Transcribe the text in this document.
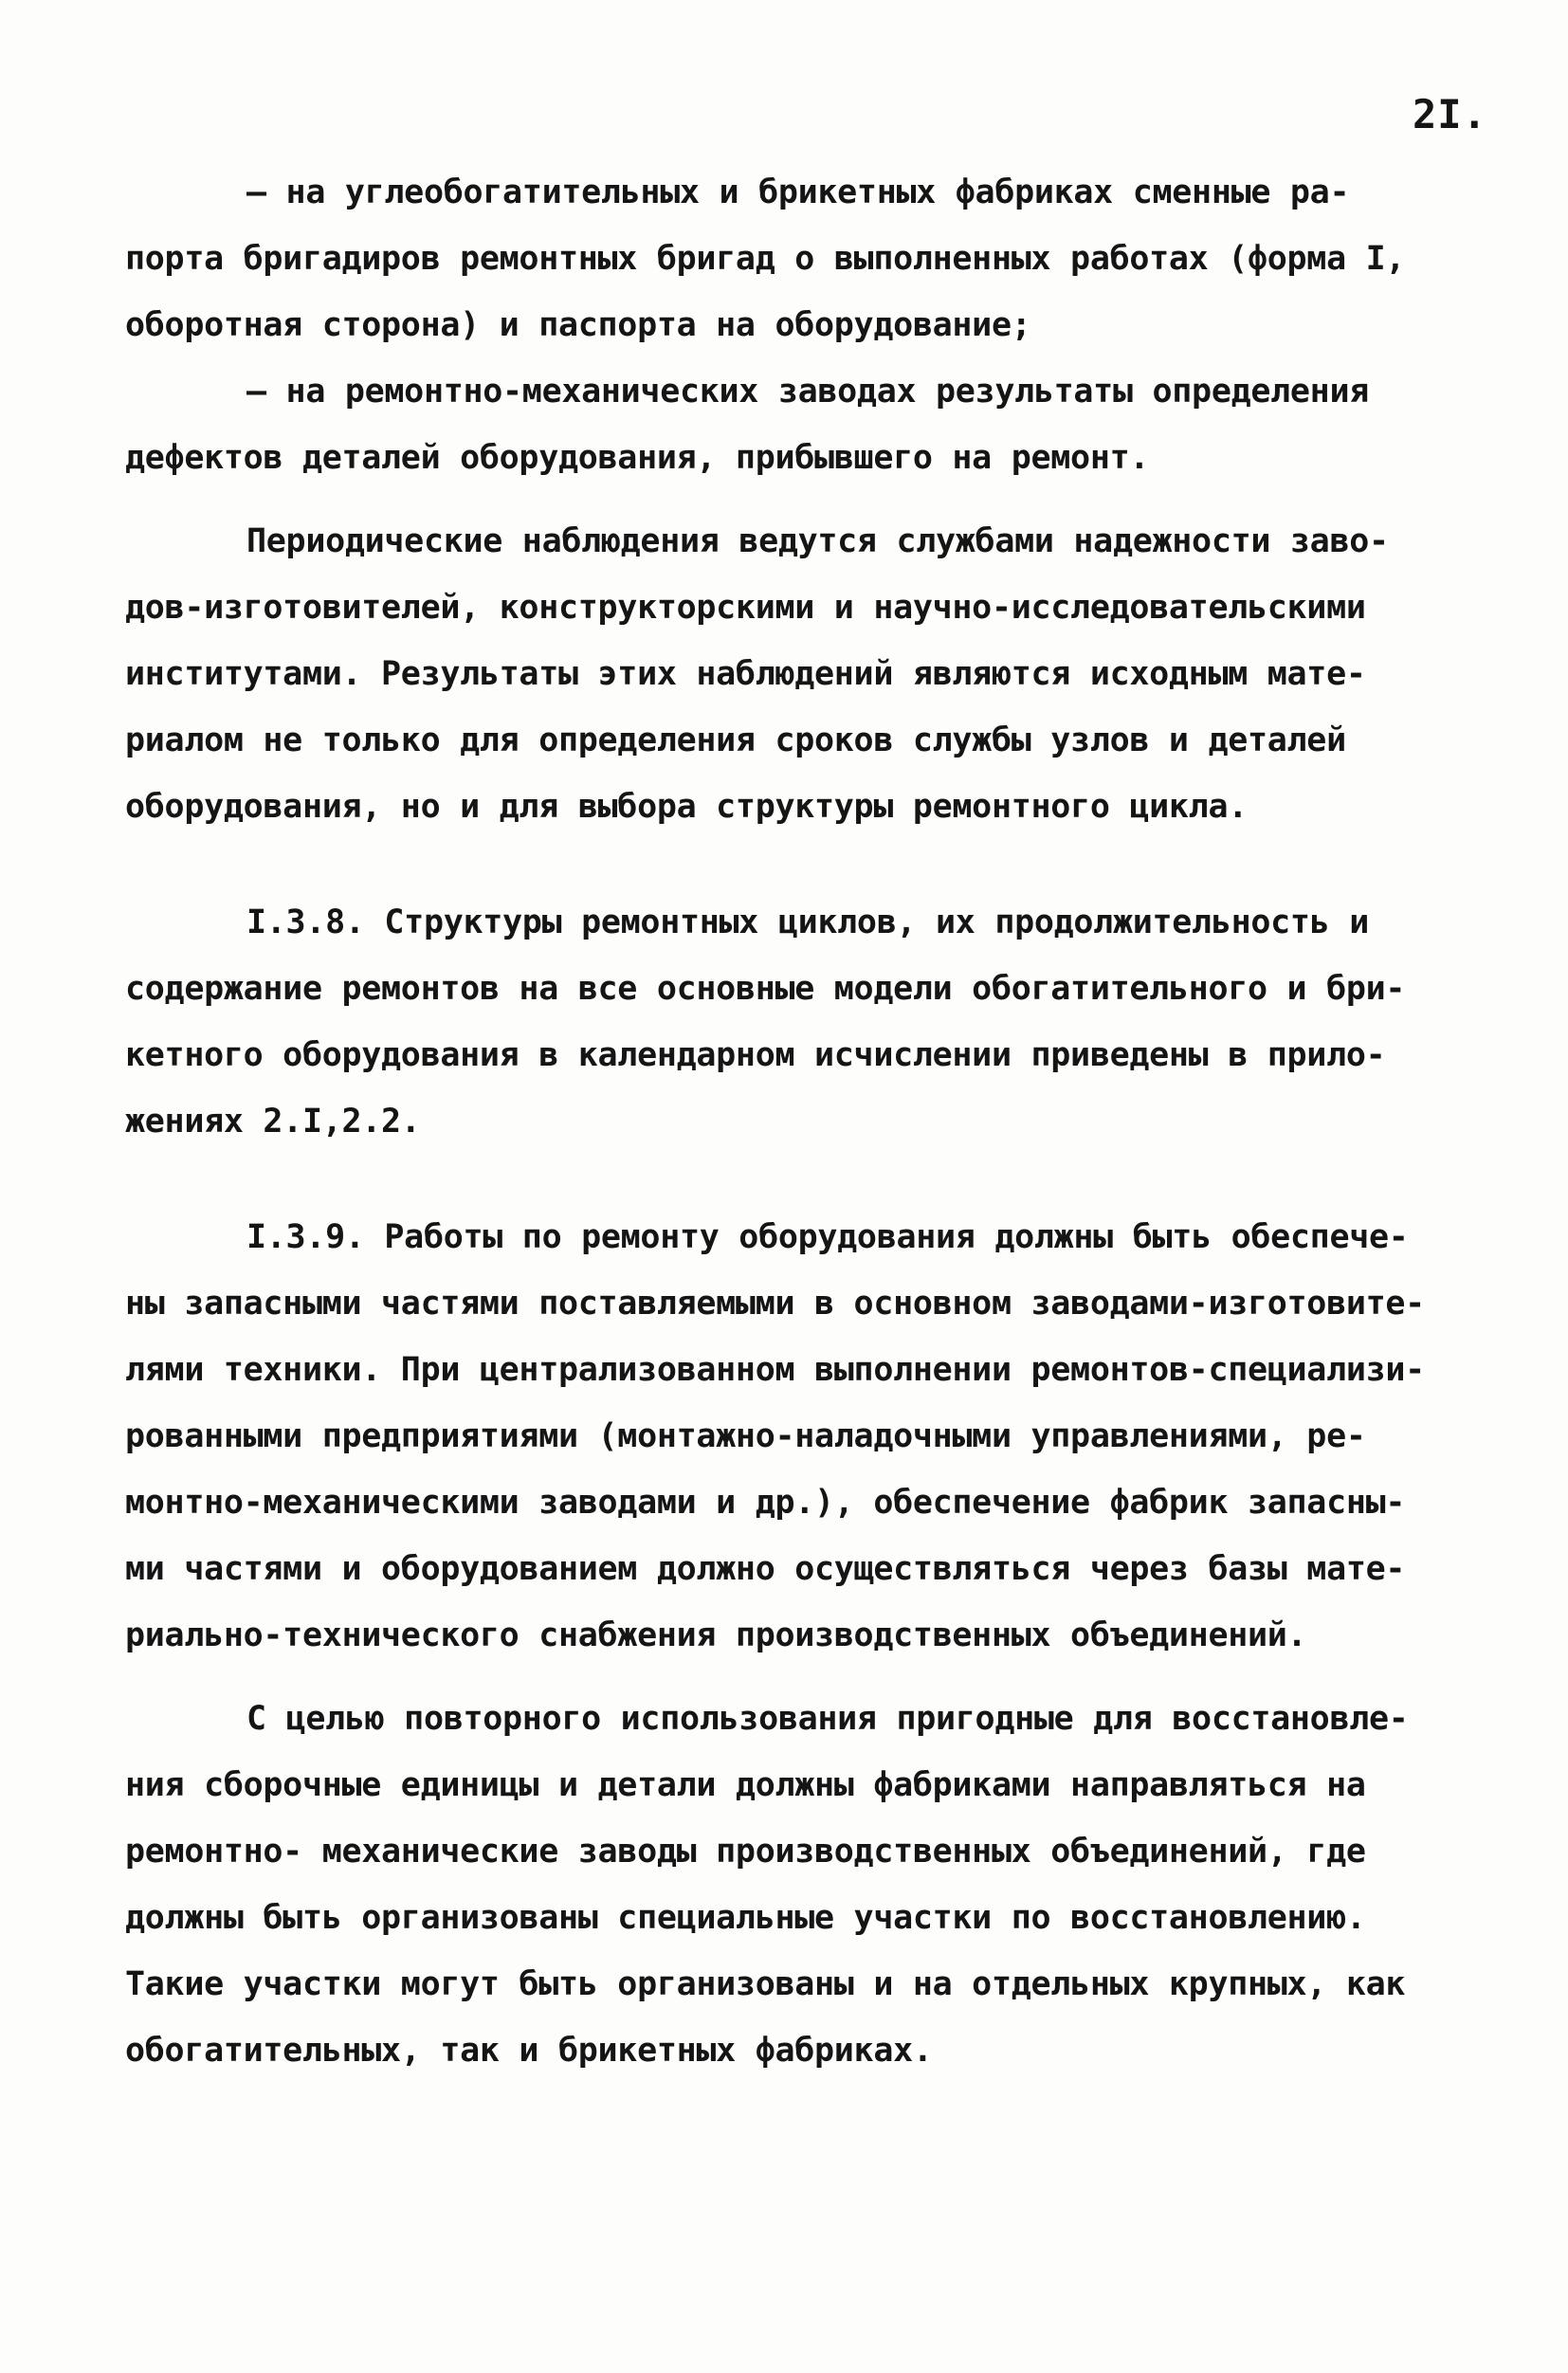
2I.
– на углеобогатительных и брикетных фабриках сменные ра-
порта бригадиров ремонтных бригад о выполненных работах (форма I,
оборотная сторона) и паспорта на оборудование;
– на ремонтно-механических заводах результаты определения
дефектов деталей оборудования, прибывшего на ремонт.
Периодические наблюдения ведутся службами надежности заво-
дов-изготовителей, конструкторскими и научно-исследовательскими
институтами. Результаты этих наблюдений являются исходным мате-
риалом не только для определения сроков службы узлов и деталей
оборудования, но и для выбора структуры ремонтного цикла.
I.3.8. Структуры ремонтных циклов, их продолжительность и
содержание ремонтов на все основные модели обогатительного и бри-
кетного оборудования в календарном исчислении приведены в прило-
жениях 2.I,2.2.
I.3.9. Работы по ремонту оборудования должны быть обеспече-
ны запасными частями поставляемыми в основном заводами-изготовите-
лями техники. При централизованном выполнении ремонтов-специализи-
рованными предприятиями (монтажно-наладочными управлениями, ре-
монтно-механическими заводами и др.), обеспечение фабрик запасны-
ми частями и оборудованием должно осуществляться через базы мате-
риально-технического снабжения производственных объединений.
С целью повторного использования пригодные для восстановле-
ния сборочные единицы и детали должны фабриками направляться на
ремонтно- механические заводы производственных объединений, где
должны быть организованы специальные участки по восстановлению.
Такие участки могут быть организованы и на отдельных крупных, как
обогатительных, так и брикетных фабриках.
